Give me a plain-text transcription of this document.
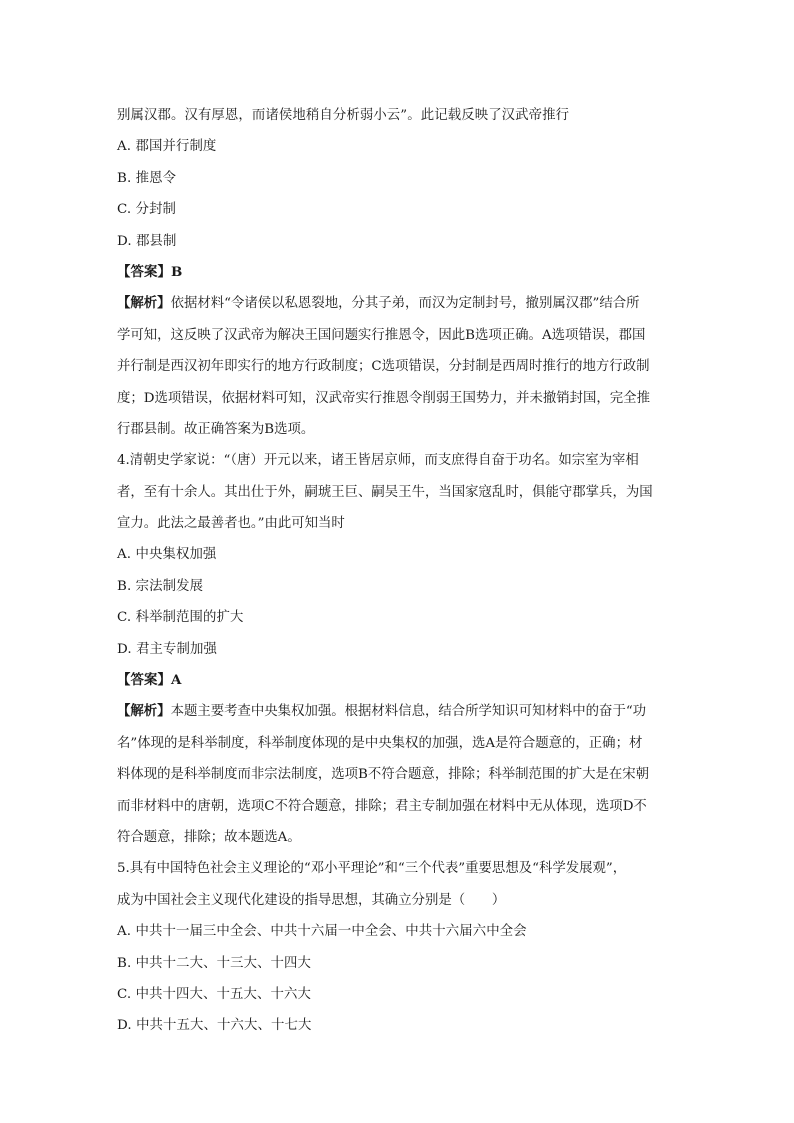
别属汉郡。汉有厚恩，而诸侯地稍自分析弱小云”。此记载反映了汉武帝推行
A. 郡国并行制度
B. 推恩令
C. 分封制
D. 郡县制
【答案】B
【解析】依据材料“令诸侯以私恩裂地，分其子弟，而汉为定制封号，撤别属汉郡”结合所
学可知，这反映了汉武帝为解决王国问题实行推恩令，因此B选项正确。A选项错误，郡国
并行制是西汉初年即实行的地方行政制度；C选项错误，分封制是西周时推行的地方行政制
度；D选项错误，依据材料可知，汉武帝实行推恩令削弱王国势力，并未撤销封国，完全推
行郡县制。故正确答案为B选项。
4.清朝史学家说：“（唐）开元以来，诸王皆居京师，而支庶得自奋于功名。如宗室为宰相
者，至有十余人。其出仕于外，嗣琥王巨、嗣吴王牛，当国家寇乱时，俱能守郡掌兵，为国
宣力。此法之最善者也。”由此可知当时
A. 中央集权加强
B. 宗法制发展
C. 科举制范围的扩大
D. 君主专制加强
【答案】A
【解析】本题主要考查中央集权加强。根据材料信息，结合所学知识可知材料中的奋于“功
名”体现的是科举制度，科举制度体现的是中央集权的加强，选A是符合题意的，正确；材
料体现的是科举制度而非宗法制度，选项B不符合题意，排除；科举制范围的扩大是在宋朝
而非材料中的唐朝，选项C不符合题意，排除；君主专制加强在材料中无从体现，选项D不
符合题意，排除；故本题选A。
5.具有中国特色社会主义理论的“邓小平理论”和“三个代表”重要思想及“科学发展观”，
成为中国社会主义现代化建设的指导思想，其确立分别是（　　）
A. 中共十一届三中全会、中共十六届一中全会、中共十六届六中全会
B. 中共十二大、十三大、十四大
C. 中共十四大、十五大、十六大
D. 中共十五大、十六大、十七大
